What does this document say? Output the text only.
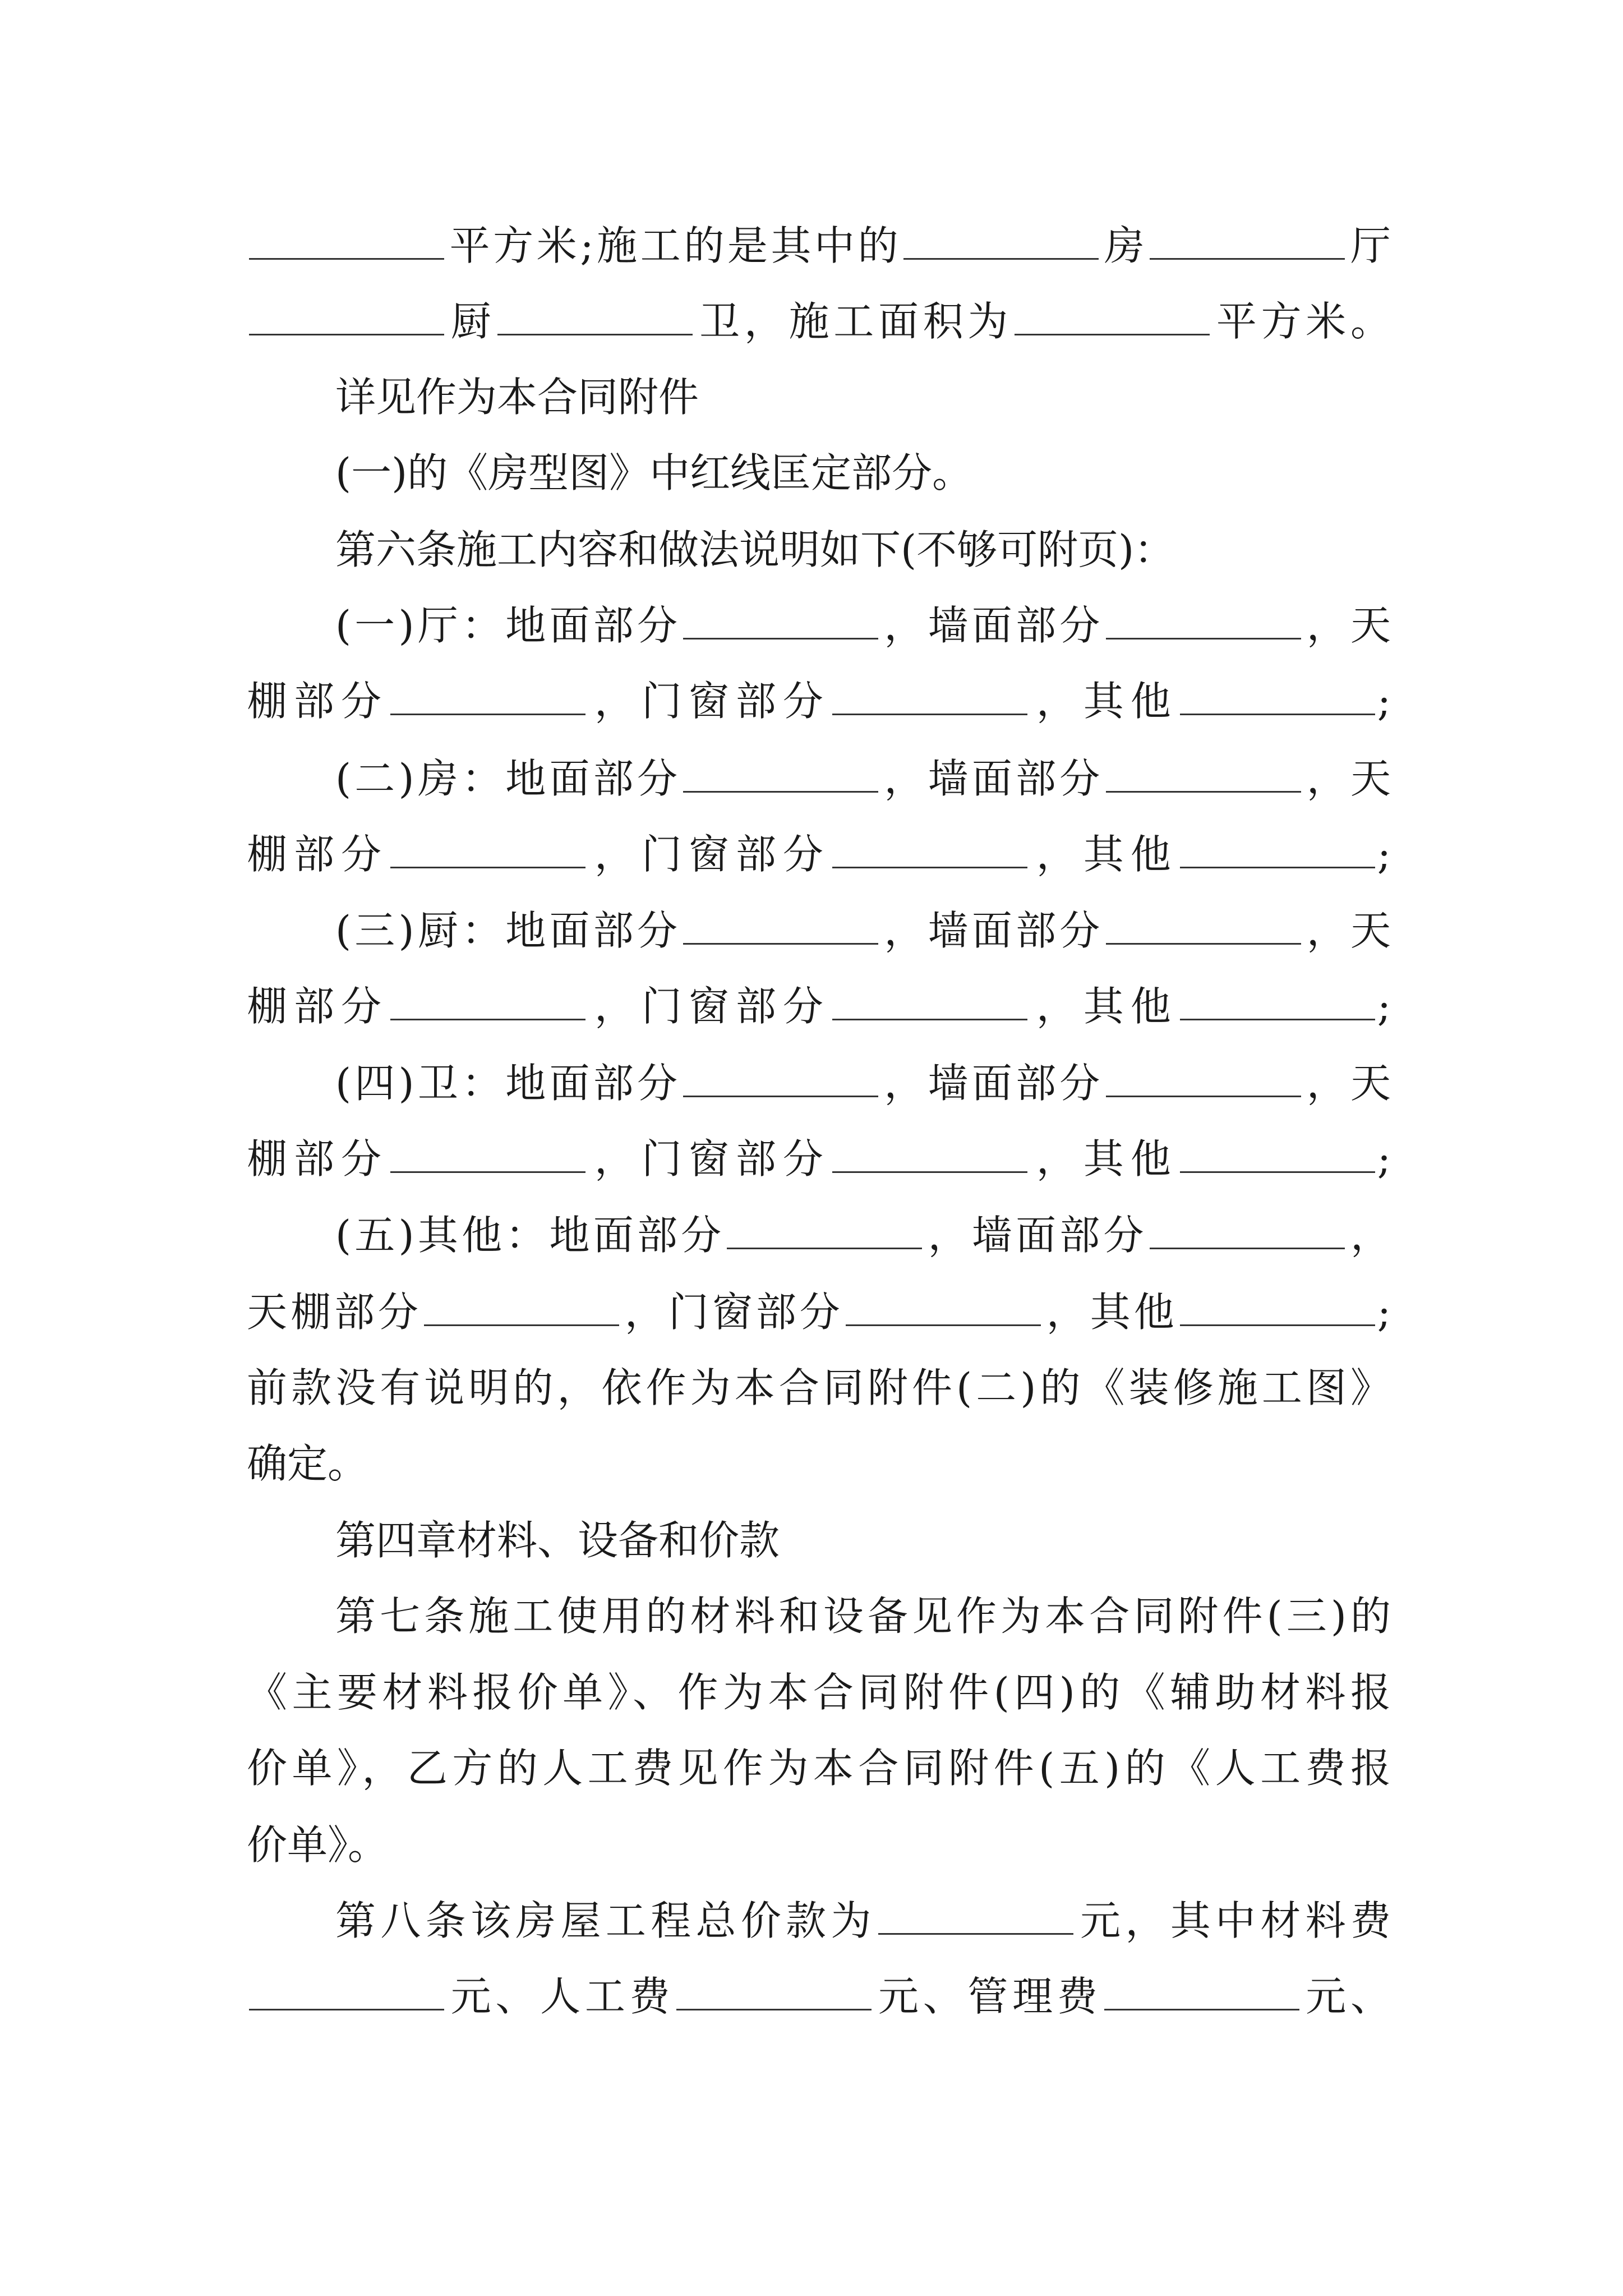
平方米;施工的是其中的	房	厅
厨	卫，施工面积为	平方米。
详见作为本合同附件
(一)的《房型图》中红线匡定部分。
第六条施工内容和做法说明如下(不够可附页)：
(一)厅：地面部分	，墙面部分	，天
棚部分	，门窗部分	，其他	;
(二)房：地面部分	，墙面部分	，天
棚部分	，门窗部分	，其他	;
(三)厨：地面部分	，墙面部分	，天
棚部分	，门窗部分	，其他	;
(四)卫：地面部分	，墙面部分	，天
棚部分	，门窗部分	，其他	;
(五)其他：地面部分	，墙面部分	，
天棚部分	，门窗部分	，其他	;
前款没有说明的，依作为本合同附件(二)的《装修施工图》
确定。
第四章材料、设备和价款
第七条施工使用的材料和设备见作为本合同附件(三)的
《主要材料报价单》、作为本合同附件(四)的《辅助材料报
价单》，乙方的人工费见作为本合同附件(五)的《人工费报
价单》。
第八条该房屋工程总价款为	元，其中材料费
元、人工费	元、管理费	元、
